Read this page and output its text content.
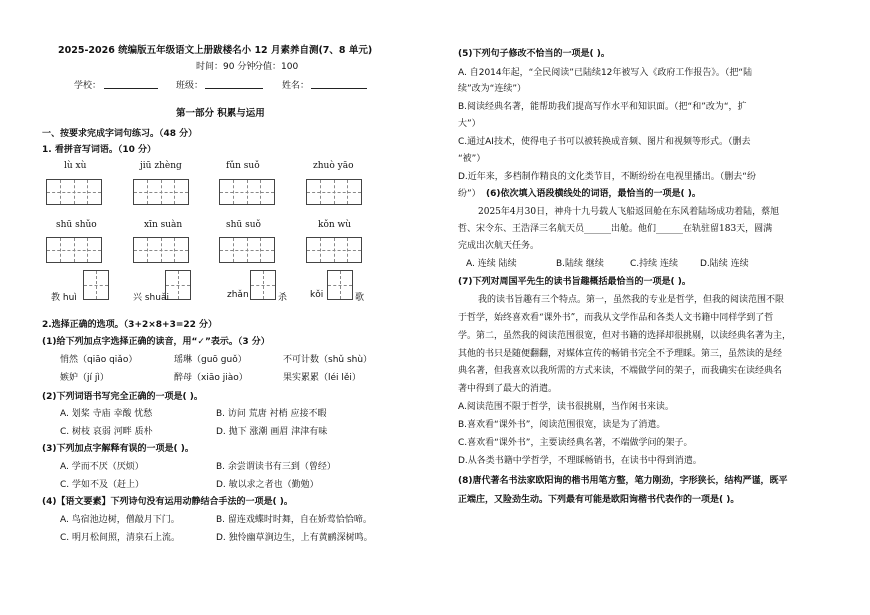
2025-2026 统编版五年级语文上册跋楼名小 12 月素养自测(7、8 单元)
时间：90 分钟
分值：100
学校：	班级：	姓名：
第一部分 积累与运用
一、按要求完成字词句练习。（48 分）
1. 看拼音写词语。（10 分）
lù xù	jiū zhèng	fǔn suǒ	zhuò yāo
shū shǔo	xīn suàn	shū suǒ	kǒn wù
教 huì	兴 shuǎi	zhǎn	杀	kǒi	歌
2.选择正确的选项。（3+2×8+3=22 分）
(1)给下列加点字选择正确的读音，用“✓”表示。（3 分）
悄然（qiāo qiǎo）	瑶琳（guō guǒ）	不可计数（shǔ shù）
嫉妒（jí jì）	醉母（xiāo jiào）	果实累累（léi lěi）
(2)下列词语书写完全正确的一项是( )。
A. 划桨 寺庙 幸酸 忧愁	B. 访问 荒唐 衬梢 应接不暇
C. 树枝 哀弱 河畔 质朴	D. 抛下 涨潮 画眉 津津有味
(3)下列加点字解释有误的一项是( )。
A. 学而不厌（厌烦）	B. 余尝谓读书有三到（曾经）
C. 学如不及（赶上）	D. 敏以求之者也（勤勉）
(4)【语文要素】下列诗句没有运用动静结合手法的一项是( )。
A. 鸟宿池边树，僧敲月下门。	B. 留连戏蝶时时舞，自在娇莺恰恰啼。
C. 明月松间照，清泉石上流。	D. 独怜幽草涧边生，上有黄鹂深树鸣。
(5)下列句子修改不恰当的一项是( )。
A. 自2014年起，“全民阅读”已陆续12年被写入《政府工作报告》。（把“陆
续”改为“连续”）
B.阅读经典名著，能帮助我们提高写作水平和知识面。（把“和”改为“，扩
大”）
C.通过AI技术，使得电子书可以被转换成音频、图片和视频等形式。（删去
“被”）
D.近年来，多档制作精良的文化类节目，不断纷纷在电视里播出。（删去“纷
纷”） (6)依次填入语段横线处的词语，最恰当的一项是( )。
2025年4月30日，神舟十九号载人飞船返回舱在东风着陆场成功着陆，蔡旭
哲、宋令东、王浩泽三名航天员______出舱。他们______在轨驻留183天，圆满
完成出次航天任务。
A. 连续 陆续	B.陆续 继续	C.持续 连续 D.陆续 连续
(7)下列对周国平先生的读书旨趣概括最恰当的一项是( )。
我的读书旨趣有三个特点。第一，虽然我的专业是哲学，但我的阅读范围不限
于哲学，始终喜欢看“课外书”，而我从文学作品和各类人文书籍中同样学到了哲
学。第二，虽然我的阅读范围很宽，但对书籍的选择却很挑剔，以读经典名著为主，
其他的书只是随便翻翻，对媒体宣传的畅销书完全不予理睬。第三，虽然读的是经
典名著，但我喜欢以我所需的方式来读，不端做学问的架子，而我确实在读经典名
著中得到了最大的消遣。
A.阅读范围不限于哲学，读书很挑剔，当作闲书来读。
B.喜欢看“课外书”，阅读范围很宽，读是为了消遣。
C.喜欢看“课外书”，主要读经典名著，不端做学问的架子。
D.从各类书籍中学哲学，不理睬畅销书，在读书中得到消遣。
(8)唐代著名书法家欧阳询的楷书用笔方整，笔力刚劲，字形狭长，结构严谨，既平
正端庄，又险劲生动。下列最有可能是欧阳询楷书代表作的一项是( )。
